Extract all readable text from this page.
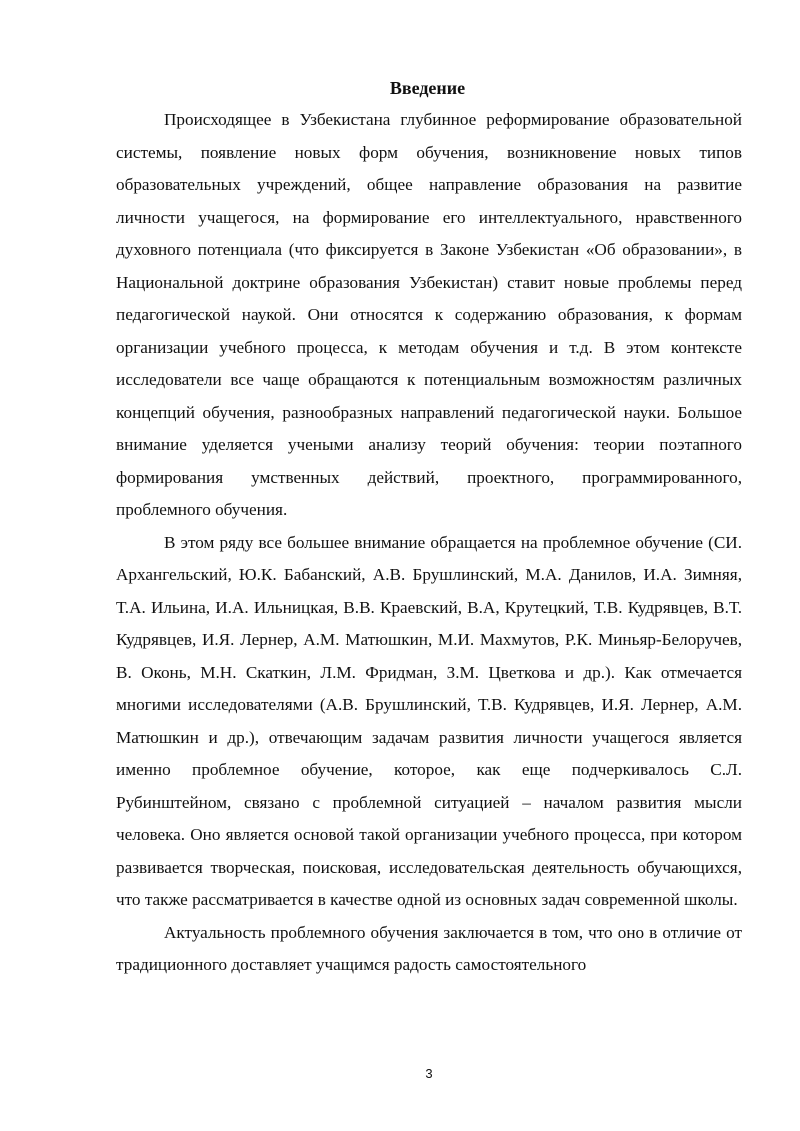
Введение

Происходящее в Узбекистана глубинное реформирование образовательной системы, появление новых форм обучения, возникновение новых типов образовательных учреждений, общее направление образования на развитие личности учащегося, на формирование его интеллектуального, нравственного духовного потенциала (что фиксируется в Законе Узбекистан «Об образовании», в Национальной доктрине образования Узбекистан) ставит новые проблемы перед педагогической наукой. Они относятся к содержанию образования, к формам организации учебного процесса, к методам обучения и т.д. В этом контексте исследователи все чаще обращаются к потенциальным возможностям различных концепций обучения, разнообразных направлений педагогической науки. Большое внимание уделяется учеными анализу теорий обучения: теории поэтапного формирования умственных действий, проектного, программированного, проблемного обучения.

В этом ряду все большее внимание обращается на проблемное обучение (СИ. Архангельский, Ю.К. Бабанский, А.В. Брушлинский, М.А. Данилов, И.А. Зимняя, Т.А. Ильина, И.А. Ильницкая, В.В. Краевский, В.А, Крутецкий, Т.В. Кудрявцев, В.Т. Кудрявцев, И.Я. Лернер, А.М. Матюшкин, М.И. Махмутов, Р.К. Миньяр-Белоручев, В. Оконь, М.Н. Скаткин, Л.М. Фридман, З.М. Цветкова и др.). Как отмечается многими исследователями (А.В. Брушлинский, Т.В. Кудрявцев, И.Я. Лернер, А.М. Матюшкин и др.), отвечающим задачам развития личности учащегося является именно проблемное обучение, которое, как еще подчеркивалось С.Л. Рубинштейном, связано с проблемной ситуацией – началом развития мысли человека. Оно является основой такой организации учебного процесса, при котором развивается творческая, поисковая, исследовательская деятельность обучающихся, что также рассматривается в качестве одной из основных задач современной школы.

Актуальность проблемного обучения заключается в том, что оно в отличие от традиционного доставляет учащимся радость самостоятельного

3
